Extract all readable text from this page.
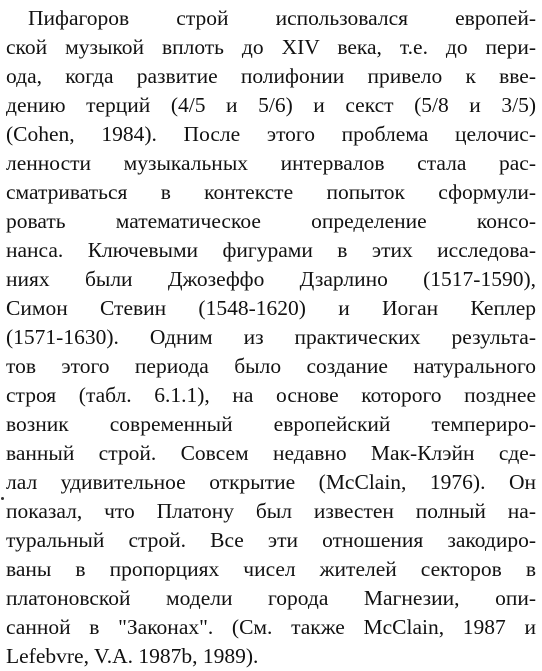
Пифагоров строй использовался европей-
ской музыкой вплоть до XIV века, т.е. до пери-
ода, когда развитие полифонии привело к вве-
дению терций (4/5 и 5/6) и секст (5/8 и 3/5)
(Cohen, 1984). После этого проблема целочис-
ленности музыкальных интервалов стала рас-
сматриваться в контексте попыток сформули-
ровать математическое определение консо-
нанса. Ключевыми фигурами в этих исследова-
ниях были Джозеффо Дзарлино (1517-1590),
Симон Стевин (1548-1620) и Иоган Кеплер
(1571-1630). Одним из практических результа-
тов этого периода было создание натурального
строя (табл. 6.1.1), на основе которого позднее
возник современный европейский темпериро-
ванный строй. Совсем недавно Мак-Клэйн сде-
лал удивительное открытие (McClain, 1976). Он
показал, что Платону был известен полный на-
туральный строй. Все эти отношения закодиро-
ваны в пропорциях чисел жителей секторов в
платоновской модели города Магнезии, опи-
санной в "Законах". (См. также McClain, 1987 и
Lefebvre, V.A. 1987b, 1989).
